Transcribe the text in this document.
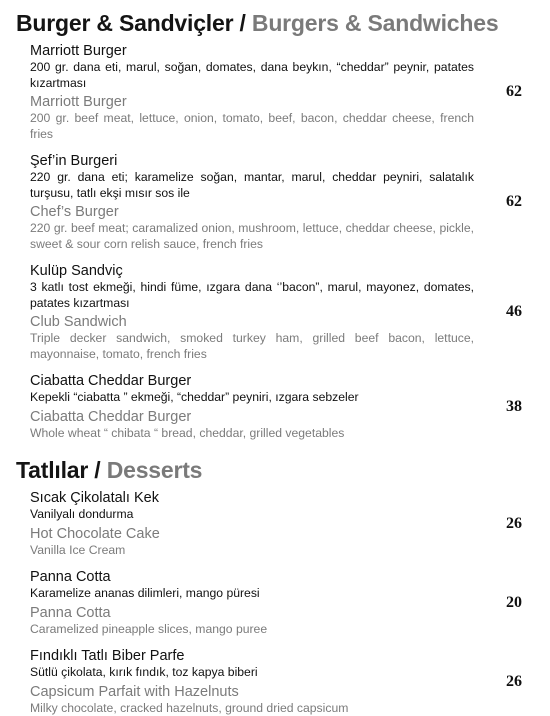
Burger & Sandviçler / Burgers & Sandwiches
Marriott Burger
200 gr. dana eti, marul, soğan, domates, dana beykın, “cheddar” peynir, patates kızartması
Marriott Burger
200 gr. beef meat, lettuce, onion, tomato, beef, bacon, cheddar cheese, french fries
62
Şef’in Burgeri
220 gr. dana eti; karamelize soğan, mantar, marul, cheddar peyniri, salatalık turşusu, tatlı ekşi mısır sos ile
Chef’s Burger
220 gr. beef meat; caramalized onion, mushroom, lettuce, cheddar cheese, pickle, sweet & sour corn relish sauce, french fries
62
Kulüp Sandviç
3 katlı tost ekmeği, hindi füme, ızgara dana ‘’bacon”, marul, mayonez, domates, patates kızartması
Club Sandwich
Triple decker sandwich, smoked turkey ham, grilled beef bacon, lettuce, mayonnaise, tomato, french fries
46
Ciabatta Cheddar Burger
Kepekli “ciabatta ” ekmeği, “cheddar” peyniri, ızgara sebzeler
Ciabatta Cheddar Burger
Whole wheat “ chibata “ bread, cheddar, grilled vegetables
38
Tatlılar / Desserts
Sıcak Çikolatalı Kek
Vanilyalı dondurma
Hot Chocolate Cake
Vanilla Ice Cream
26
Panna Cotta
Karamelize ananas dilimleri, mango püresi
Panna Cotta
Caramelized pineapple slices, mango puree
20
Fındıklı Tatlı Biber Parfe
Sütlü çikolata, kırık fındık, toz kapya biberi
Capsicum Parfait with Hazelnuts
Milky chocolate, cracked hazelnuts, ground dried capsicum
26
